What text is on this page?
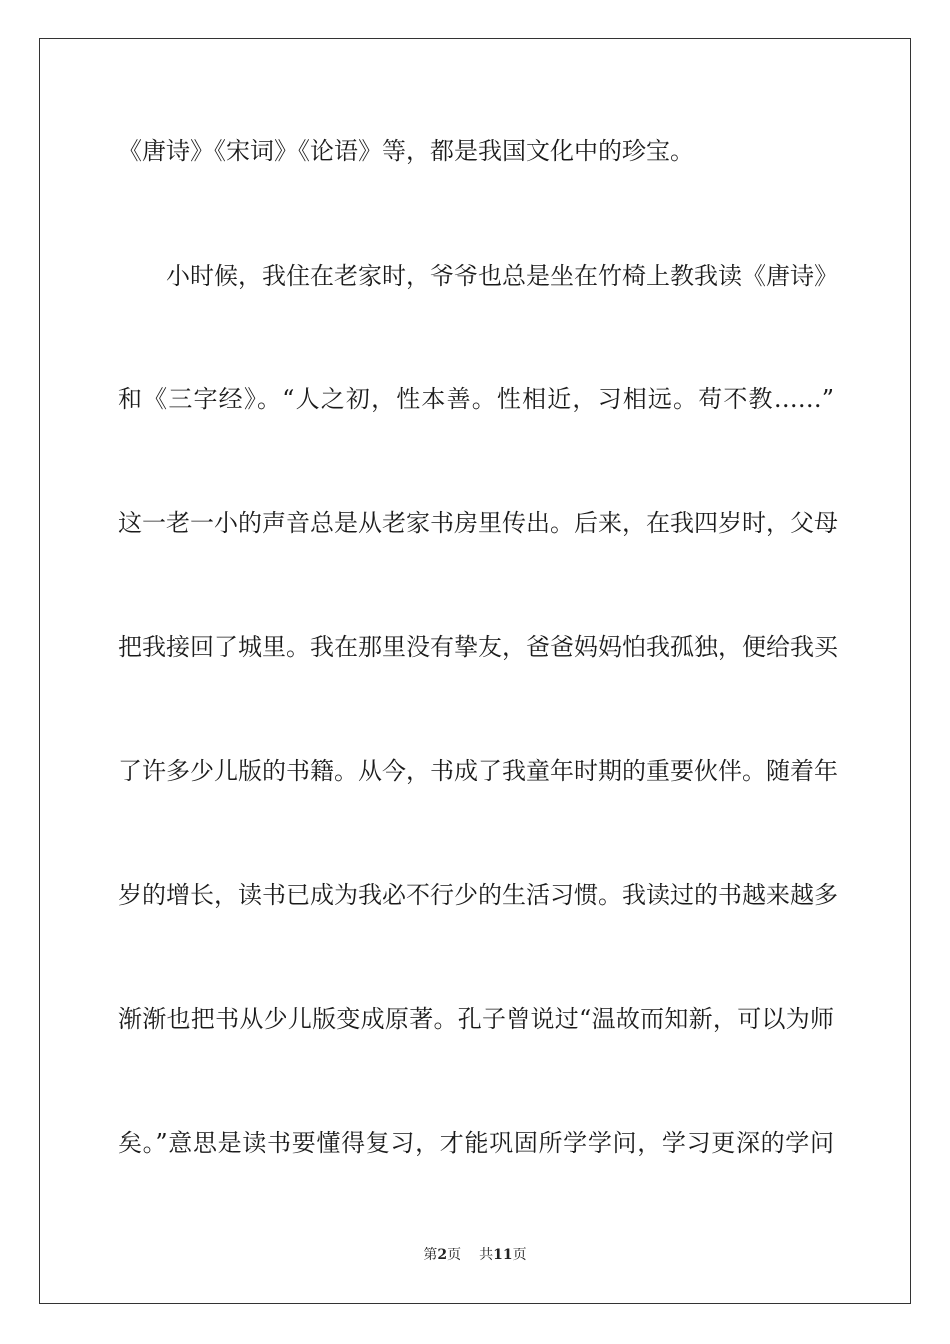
《唐诗》《宋词》《论语》等，都是我国文化中的珍宝。
小时候，我住在老家时，爷爷也总是坐在竹椅上教我读《唐诗》
和《三字经》。“人之初，性本善。性相近，习相远。苟不教……”
这一老一小的声音总是从老家书房里传出。后来，在我四岁时，父母
把我接回了城里。我在那里没有挚友，爸爸妈妈怕我孤独，便给我买
了许多少儿版的书籍。从今，书成了我童年时期的重要伙伴。随着年
岁的增长，读书已成为我必不行少的生活习惯。我读过的书越来越多
渐渐也把书从少儿版变成原著。孔子曾说过“温故而知新，可以为师
矣。”意思是读书要懂得复习，才能巩固所学学问，学习更深的学问
第2页 共11页
